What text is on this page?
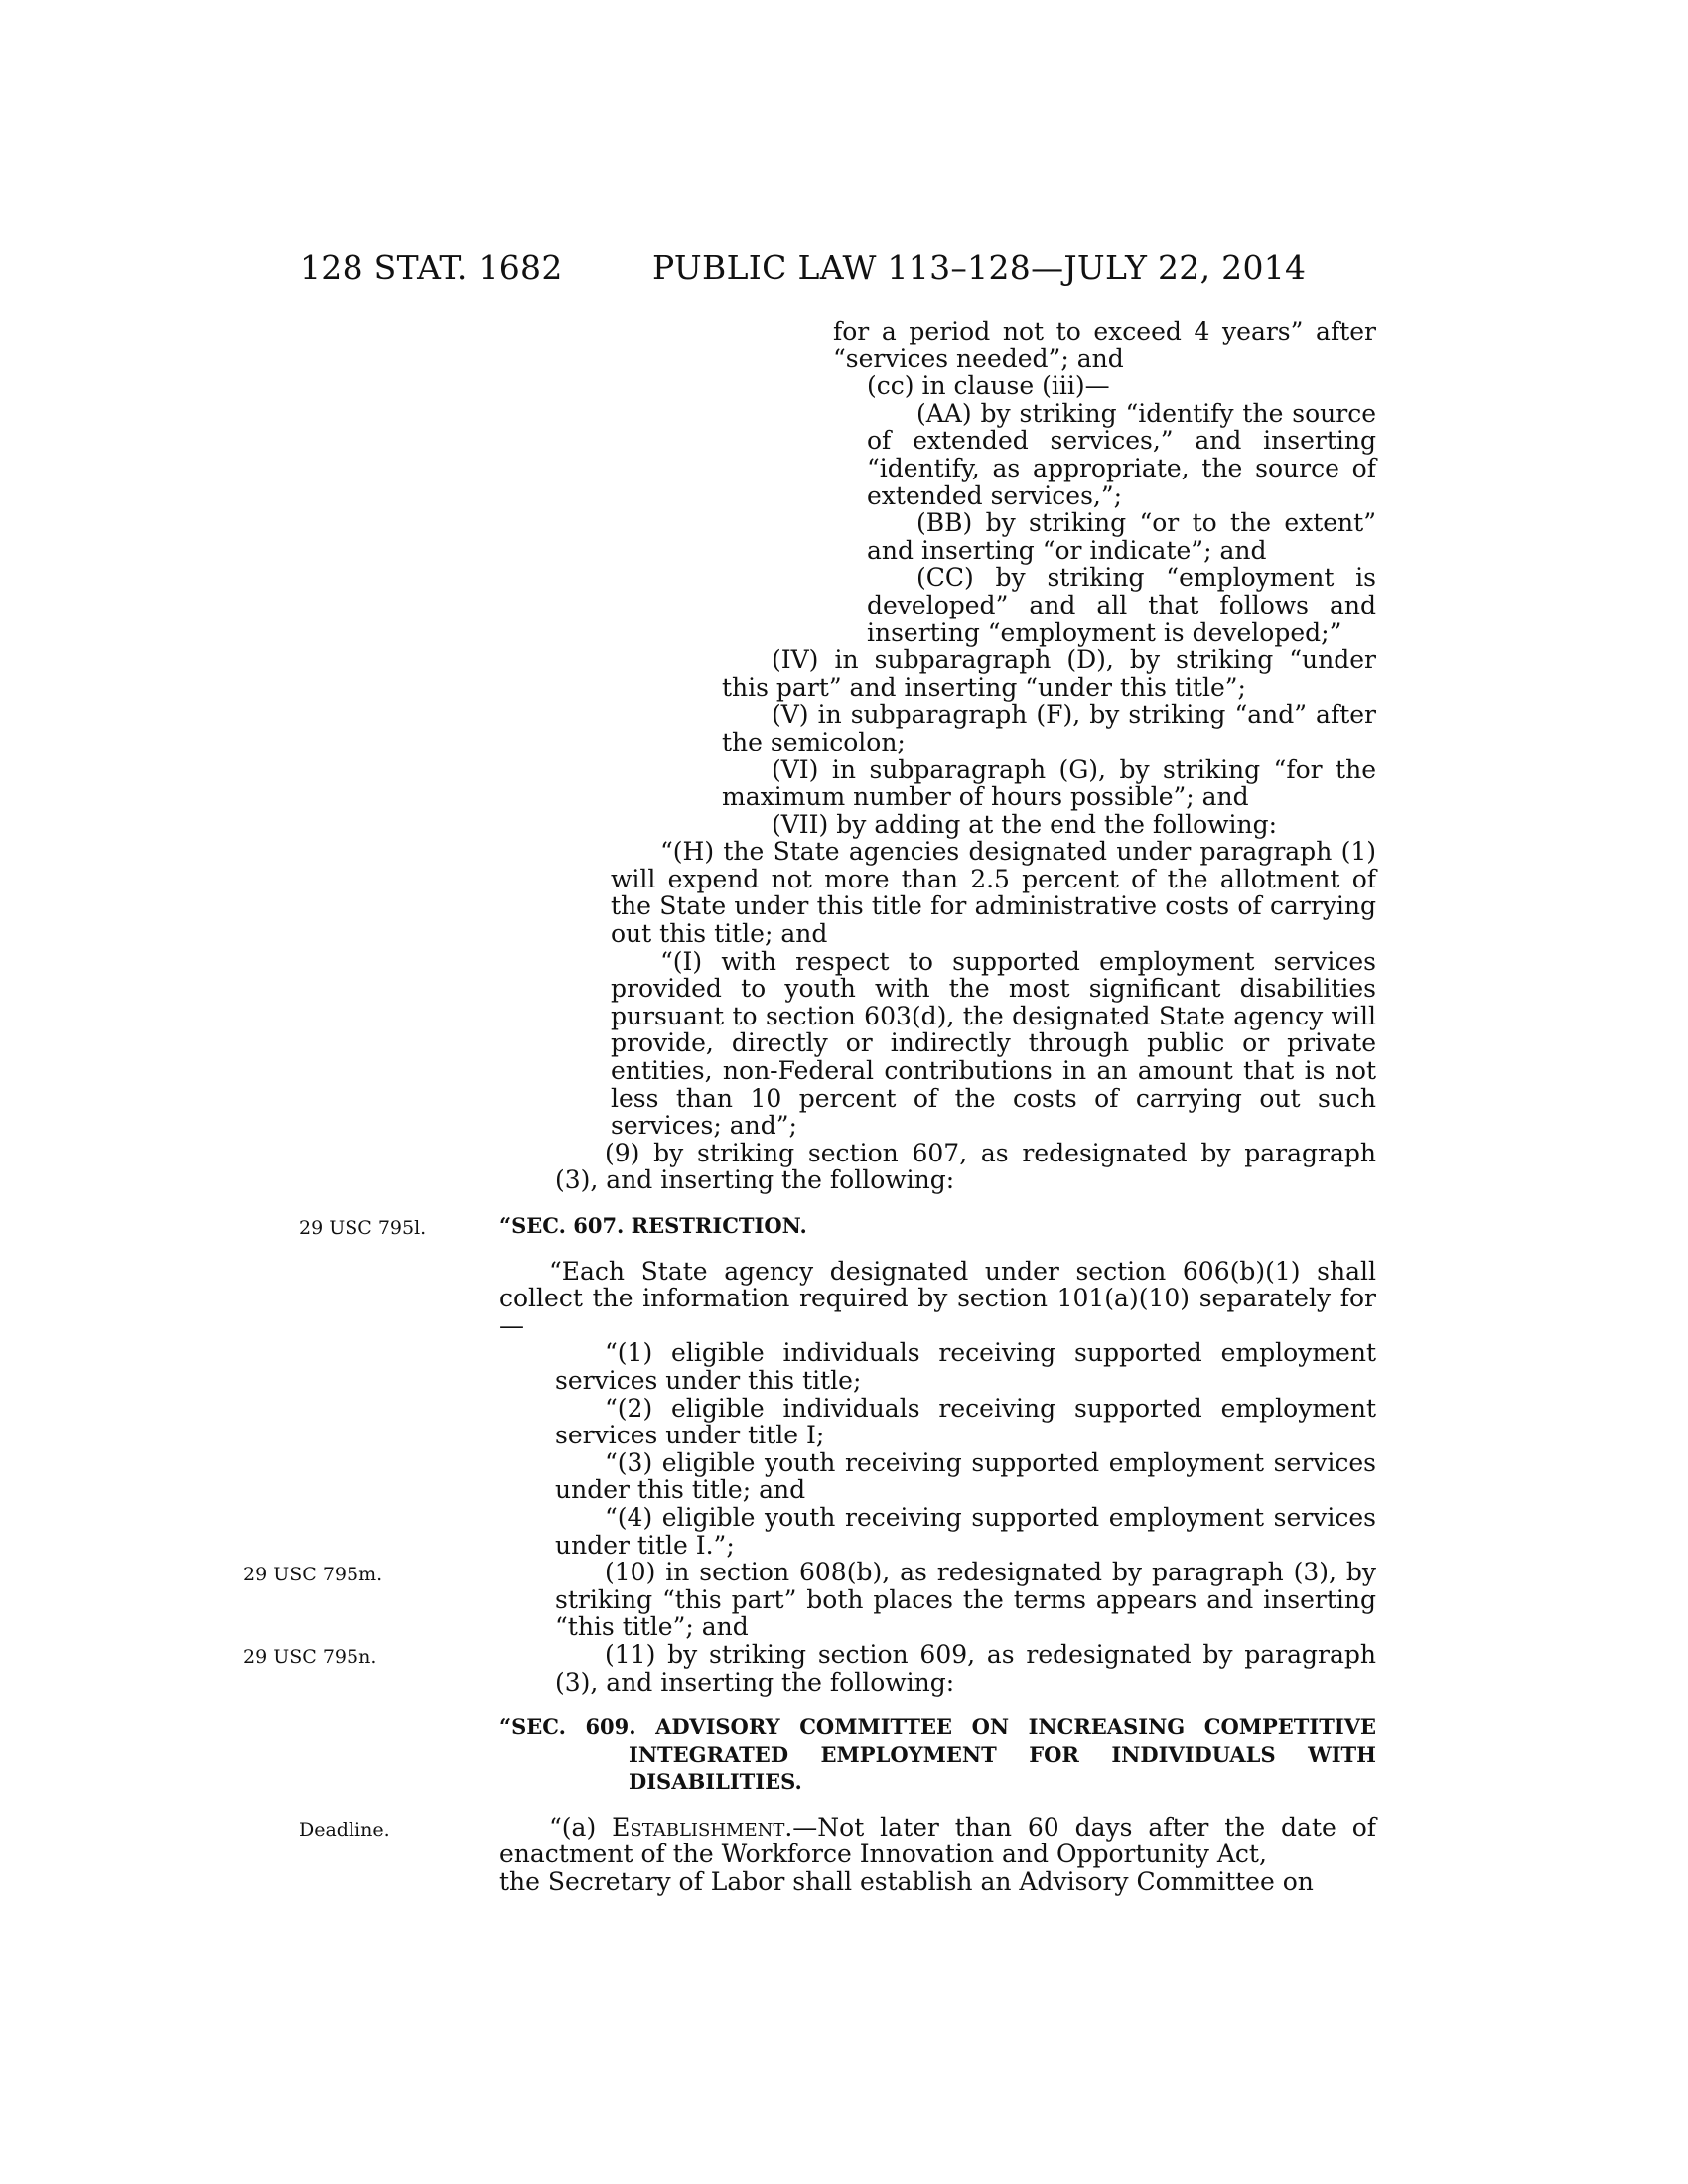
128 STAT. 1682	PUBLIC LAW 113–128—JULY 22, 2014

for a period not to exceed 4 years” after “services needed”; and

(cc) in clause (iii)—

(AA) by striking “identify the source of extended services,” and inserting “identify, as appropriate, the source of extended services,”;

(BB) by striking “or to the extent” and inserting “or indicate”; and

(CC) by striking “employment is developed” and all that follows and inserting “employment is developed;”

(IV) in subparagraph (D), by striking “under this part” and inserting “under this title”;

(V) in subparagraph (F), by striking “and” after the semicolon;

(VI) in subparagraph (G), by striking “for the maximum number of hours possible”; and

(VII) by adding at the end the following:

“(H) the State agencies designated under paragraph (1) will expend not more than 2.5 percent of the allotment of the State under this title for administrative costs of carrying out this title; and

“(I) with respect to supported employment services provided to youth with the most significant disabilities pursuant to section 603(d), the designated State agency will provide, directly or indirectly through public or private entities, non-Federal contributions in an amount that is not less than 10 percent of the costs of carrying out such services; and”;

(9) by striking section 607, as redesignated by paragraph (3), and inserting the following:

29 USC 795l.	“SEC. 607. RESTRICTION.

“Each State agency designated under section 606(b)(1) shall collect the information required by section 101(a)(10) separately for—

“(1) eligible individuals receiving supported employment services under this title;

“(2) eligible individuals receiving supported employment services under title I;

“(3) eligible youth receiving supported employment services under this title; and

“(4) eligible youth receiving supported employment services under title I.”;

29 USC 795m.	(10) in section 608(b), as redesignated by paragraph (3), by striking “this part” both places the terms appears and inserting “this title”; and

29 USC 795n.	(11) by striking section 609, as redesignated by paragraph (3), and inserting the following:

“SEC. 609. ADVISORY COMMITTEE ON INCREASING COMPETITIVE INTEGRATED EMPLOYMENT FOR INDIVIDUALS WITH DISABILITIES.

Deadline.	“(a) Establishment.—Not later than 60 days after the date of enactment of the Workforce Innovation and Opportunity Act,

the Secretary of Labor shall establish an Advisory Committee on
